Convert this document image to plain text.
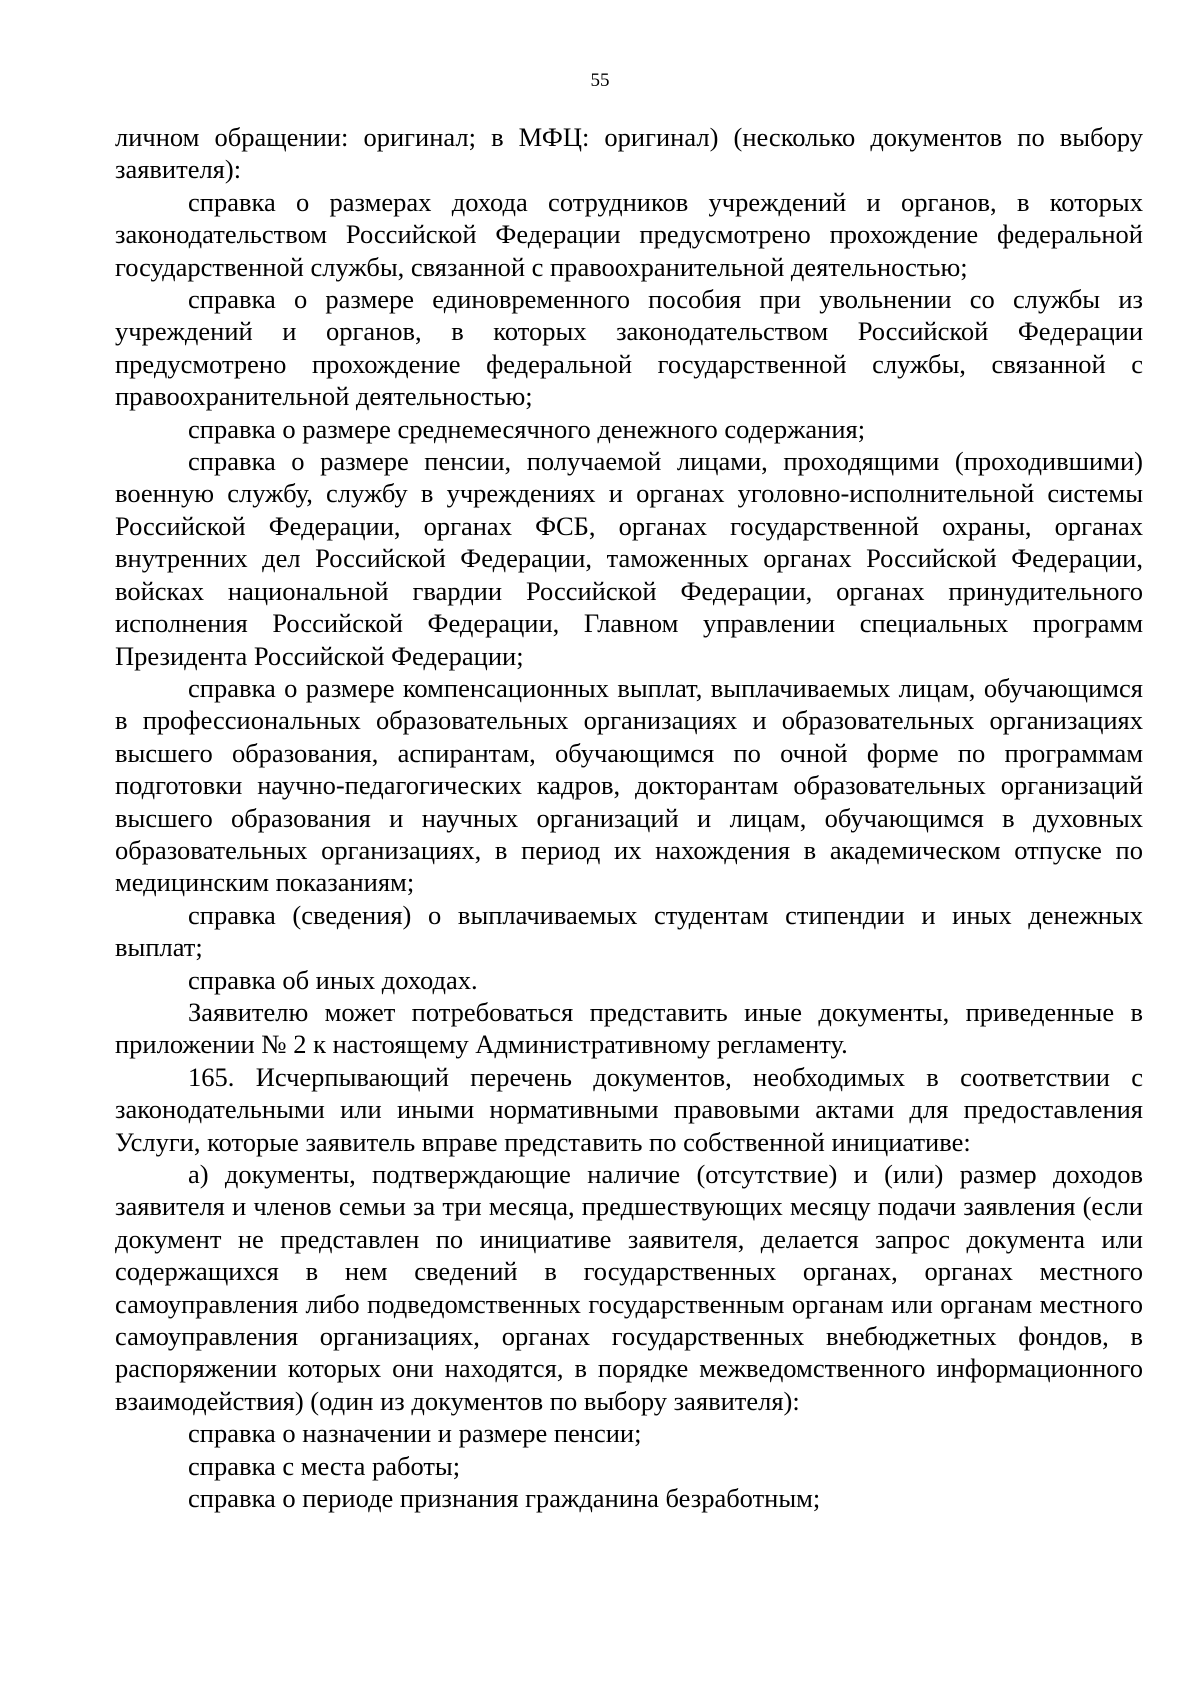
55

личном обращении: оригинал; в МФЦ: оригинал) (несколько документов по выбору заявителя):

справка о размерах дохода сотрудников учреждений и органов, в которых законодательством Российской Федерации предусмотрено прохождение федеральной государственной службы, связанной с правоохранительной деятельностью;

справка о размере единовременного пособия при увольнении со службы из учреждений и органов, в которых законодательством Российской Федерации предусмотрено прохождение федеральной государственной службы, связанной с правоохранительной деятельностью;

справка о размере среднемесячного денежного содержания;

справка о размере пенсии, получаемой лицами, проходящими (проходившими) военную службу, службу в учреждениях и органах уголовно-исполнительной системы Российской Федерации, органах ФСБ, органах государственной охраны, органах внутренних дел Российской Федерации, таможенных органах Российской Федерации, войсках национальной гвардии Российской Федерации, органах принудительного исполнения Российской Федерации, Главном управлении специальных программ Президента Российской Федерации;

справка о размере компенсационных выплат, выплачиваемых лицам, обучающимся в профессиональных образовательных организациях и образовательных организациях высшего образования, аспирантам, обучающимся по очной форме по программам подготовки научно-педагогических кадров, докторантам образовательных организаций высшего образования и научных организаций и лицам, обучающимся в духовных образовательных организациях, в период их нахождения в академическом отпуске по медицинским показаниям;

справка (сведения) о выплачиваемых студентам стипендии и иных денежных выплат;

справка об иных доходах.

Заявителю может потребоваться представить иные документы, приведенные в приложении № 2 к настоящему Административному регламенту.

165. Исчерпывающий перечень документов, необходимых в соответствии с законодательными или иными нормативными правовыми актами для предоставления Услуги, которые заявитель вправе представить по собственной инициативе:

а) документы, подтверждающие наличие (отсутствие) и (или) размер доходов заявителя и членов семьи за три месяца, предшествующих месяцу подачи заявления (если документ не представлен по инициативе заявителя, делается запрос документа или содержащихся в нем сведений в государственных органах, органах местного самоуправления либо подведомственных государственным органам или органам местного самоуправления организациях, органах государственных внебюджетных фондов, в распоряжении которых они находятся, в порядке межведомственного информационного взаимодействия) (один из документов по выбору заявителя):

справка о назначении и размере пенсии;

справка с места работы;

справка о периоде признания гражданина безработным;
